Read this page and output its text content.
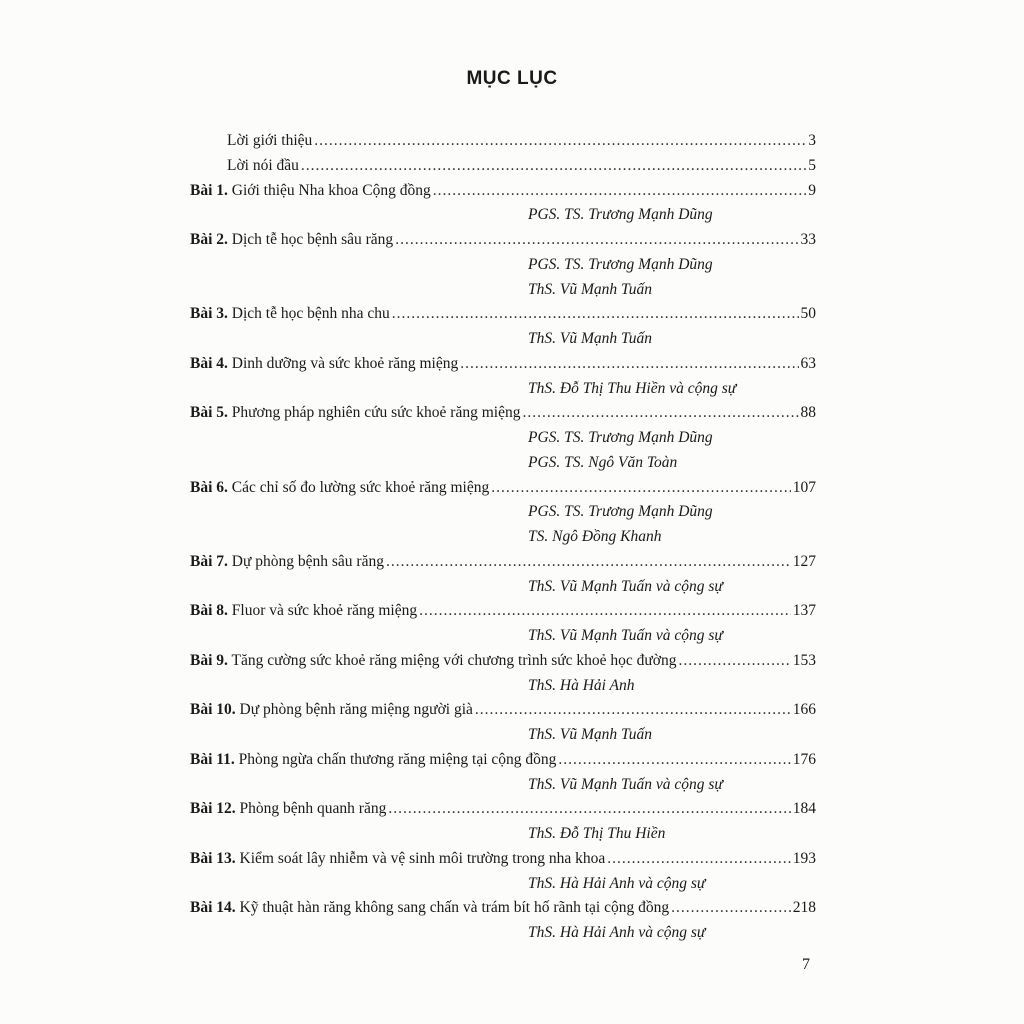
MỤC LỤC
Lời giới thiệu .....	3
Lời nói đầu .....	5
Bài 1. Giới thiệu Nha khoa Cộng đồng .....	9
PGS. TS. Trương Mạnh Dũng
Bài 2. Dịch tễ học bệnh sâu răng .....	33
PGS. TS. Trương Mạnh Dũng
ThS. Vũ Mạnh Tuấn
Bài 3. Dịch tễ học bệnh nha chu .....	50
ThS. Vũ Mạnh Tuấn
Bài 4. Dinh dưỡng và sức khoẻ răng miệng .....	63
ThS. Đỗ Thị Thu Hiền và cộng sự
Bài 5. Phương pháp nghiên cứu sức khoẻ răng miệng .....	88
PGS. TS. Trương Mạnh Dũng
PGS. TS. Ngô Văn Toàn
Bài 6. Các chỉ số đo lường sức khoẻ răng miệng .....	107
PGS. TS. Trương Mạnh Dũng
TS. Ngô Đồng Khanh
Bài 7. Dự phòng bệnh sâu răng .....	127
ThS. Vũ Mạnh Tuấn và cộng sự
Bài 8. Fluor và sức khoẻ răng miệng .....	137
ThS. Vũ Mạnh Tuấn và cộng sự
Bài 9. Tăng cường sức khoẻ răng miệng với chương trình sức khoẻ học đường .....	153
ThS. Hà Hải Anh
Bài 10. Dự phòng bệnh răng miệng người già .....	166
ThS. Vũ Mạnh Tuấn
Bài 11. Phòng ngừa chấn thương răng miệng tại cộng đồng .....	176
ThS. Vũ Mạnh Tuấn và cộng sự
Bài 12. Phòng bệnh quanh răng .....	184
ThS. Đỗ Thị Thu Hiền
Bài 13. Kiểm soát lây nhiễm và vệ sinh môi trường trong nha khoa .....	193
ThS. Hà Hải Anh và cộng sự
Bài 14. Kỹ thuật hàn răng không sang chấn và trám bít hố rãnh tại cộng đồng .....	218
ThS. Hà Hải Anh và cộng sự
7
